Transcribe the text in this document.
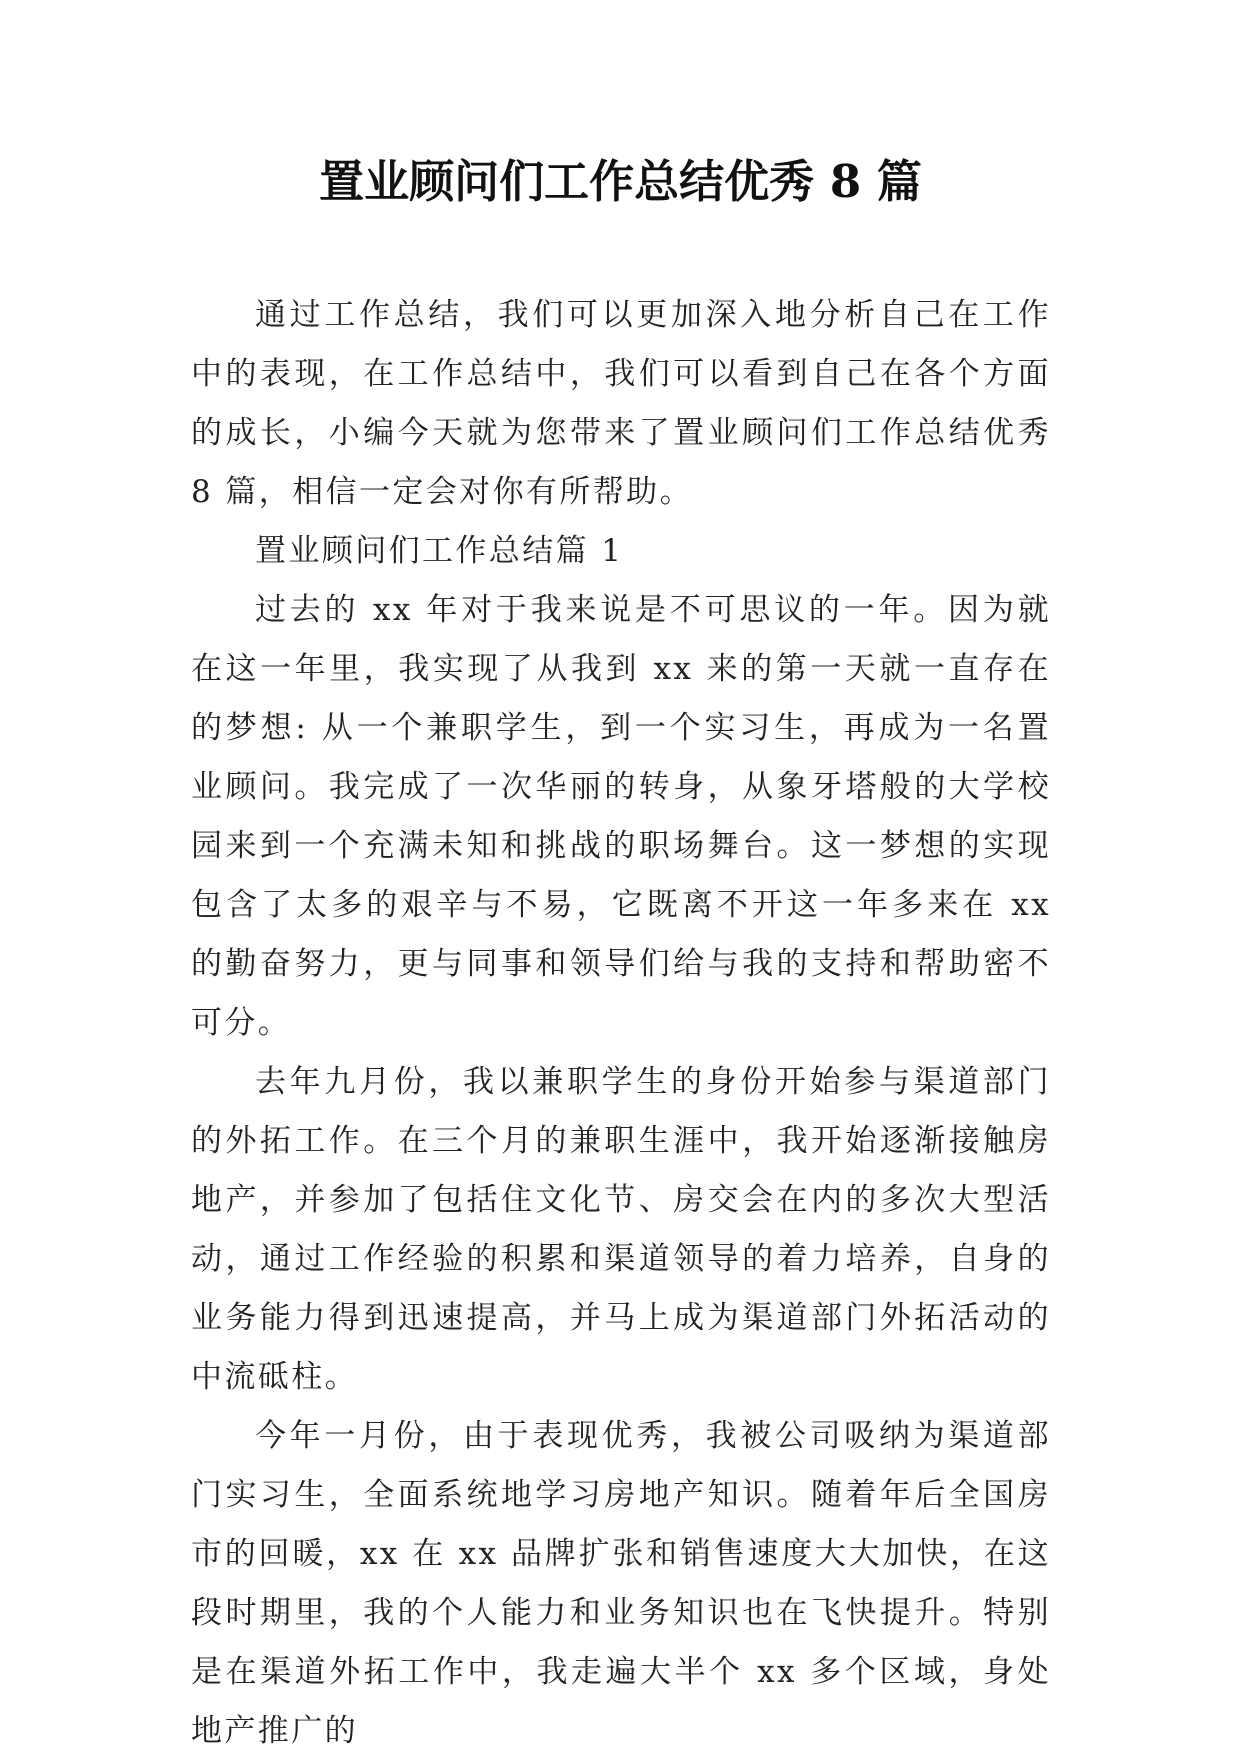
置业顾问们工作总结优秀 8 篇

通过工作总结，我们可以更加深入地分析自己在工作中的表现，在工作总结中，我们可以看到自己在各个方面的成长，小编今天就为您带来了置业顾问们工作总结优秀 8 篇，相信一定会对你有所帮助。

置业顾问们工作总结篇 1

过去的 xx 年对于我来说是不可思议的一年。因为就在这一年里，我实现了从我到 xx 来的第一天就一直存在的梦想: 从一个兼职学生，到一个实习生，再成为一名置业顾问。我完成了一次华丽的转身，从象牙塔般的大学校园来到一个充满未知和挑战的职场舞台。这一梦想的实现包含了太多的艰辛与不易，它既离不开这一年多来在 xx 的勤奋努力，更与同事和领导们给与我的支持和帮助密不可分。

去年九月份，我以兼职学生的身份开始参与渠道部门的外拓工作。在三个月的兼职生涯中，我开始逐渐接触房地产，并参加了包括住文化节、房交会在内的多次大型活动，通过工作经验的积累和渠道领导的着力培养，自身的业务能力得到迅速提高，并马上成为渠道部门外拓活动的中流砥柱。

今年一月份，由于表现优秀，我被公司吸纳为渠道部门实习生，全面系统地学习房地产知识。随着年后全国房市的回暖，xx 在 xx 品牌扩张和销售速度大大加快，在这段时期里，我的个人能力和业务知识也在飞快提升。特别是在渠道外拓工作中，我走遍大半个 xx 多个区域，身处地产推广的
